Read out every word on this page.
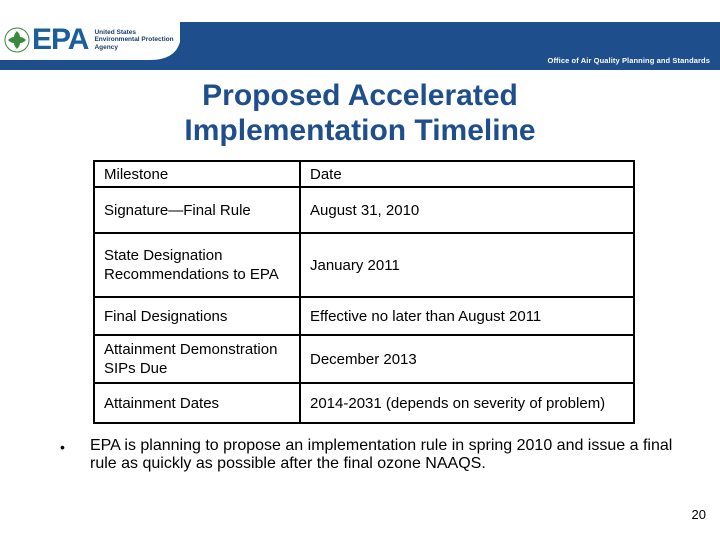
EPA United States
Environmental Protection
Agency
Office of Air Quality Planning and Standards
Proposed Accelerated
Implementation Timeline
Milestone	Date
Signature—Final Rule	August 31, 2010
State Designation Recommendations to EPA	January 2011
Final Designations	Effective no later than August 2011
Attainment Demonstration SIPs Due	December 2013
Attainment Dates	2014-2031 (depends on severity of problem)
•	EPA is planning to propose an implementation rule in spring 2010 and issue a final rule as quickly as possible after the final ozone NAAQS.
20
